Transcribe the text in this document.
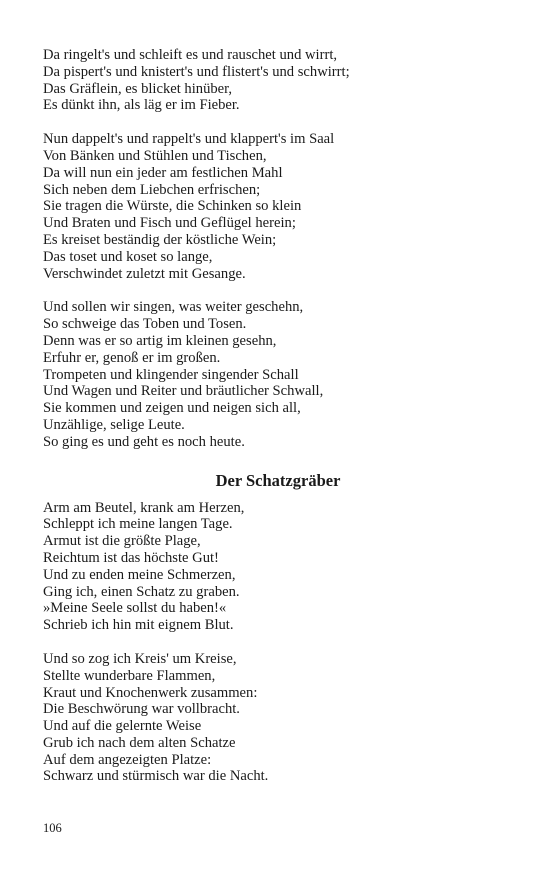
Da ringelt's und schleift es und rauschet und wirrt,
Da pispert's und knistert's und flistert's und schwirrt;
Das Gräflein, es blicket hinüber,
Es dünkt ihn, als läg er im Fieber.
Nun dappelt's und rappelt's und klappert's im Saal
Von Bänken und Stühlen und Tischen,
Da will nun ein jeder am festlichen Mahl
Sich neben dem Liebchen erfrischen;
Sie tragen die Würste, die Schinken so klein
Und Braten und Fisch und Geflügel herein;
Es kreiset beständig der köstliche Wein;
Das toset und koset so lange,
Verschwindet zuletzt mit Gesange.
Und sollen wir singen, was weiter geschehn,
So schweige das Toben und Tosen.
Denn was er so artig im kleinen gesehn,
Erfuhr er, genoß er im großen.
Trompeten und klingender singender Schall
Und Wagen und Reiter und bräutlicher Schwall,
Sie kommen und zeigen und neigen sich all,
Unzählige, selige Leute.
So ging es und geht es noch heute.
Der Schatzgräber
Arm am Beutel, krank am Herzen,
Schleppt ich meine langen Tage.
Armut ist die größte Plage,
Reichtum ist das höchste Gut!
Und zu enden meine Schmerzen,
Ging ich, einen Schatz zu graben.
»Meine Seele sollst du haben!«
Schrieb ich hin mit eignem Blut.
Und so zog ich Kreis' um Kreise,
Stellte wunderbare Flammen,
Kraut und Knochenwerk zusammen:
Die Beschwörung war vollbracht.
Und auf die gelernte Weise
Grub ich nach dem alten Schatze
Auf dem angezeigten Platze:
Schwarz und stürmisch war die Nacht.
106
